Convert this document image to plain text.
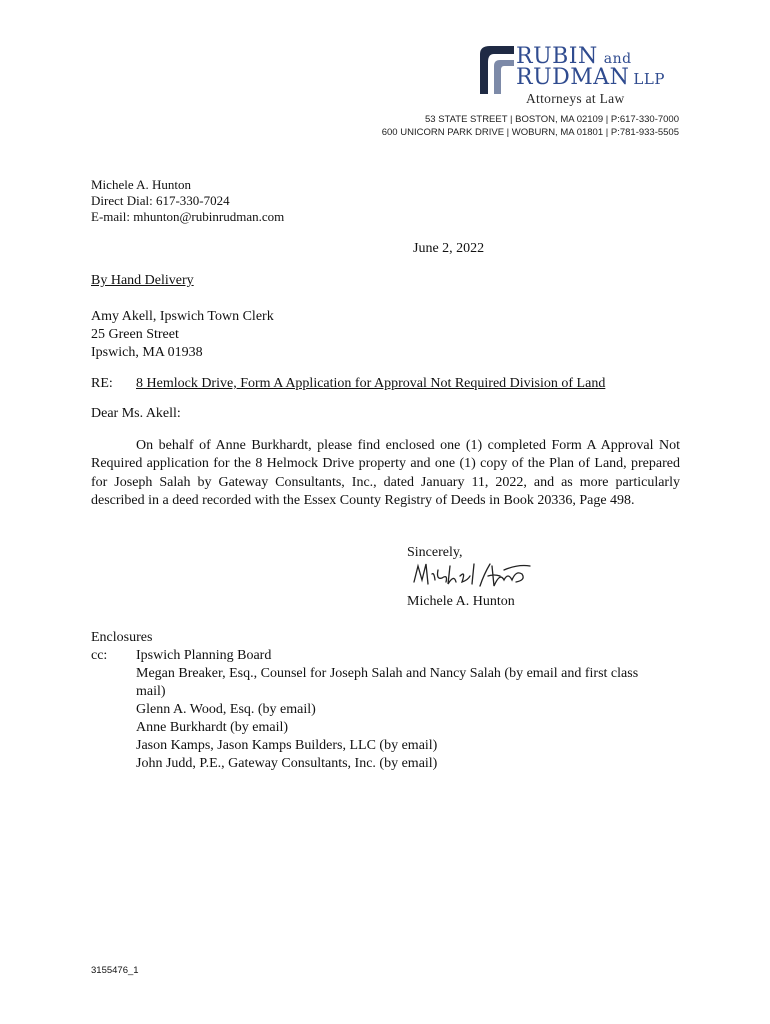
RUBIN and
RUDMAN LLP
Attorneys at Law
53 STATE STREET | BOSTON, MA 02109 | P:617-330-7000
600 UNICORN PARK DRIVE | WOBURN, MA 01801 | P:781-933-5505
Michele A. Hunton
Direct Dial: 617-330-7024
E-mail: mhunton@rubinrudman.com
June 2, 2022
By Hand Delivery
Amy Akell, Ipswich Town Clerk
25 Green Street
Ipswich, MA 01938
RE: 8 Hemlock Drive, Form A Application for Approval Not Required Division of Land
Dear Ms. Akell:
On behalf of Anne Burkhardt, please find enclosed one (1) completed Form A Approval Not Required application for the 8 Helmock Drive property and one (1) copy of the Plan of Land, prepared for Joseph Salah by Gateway Consultants, Inc., dated January 11, 2022, and as more particularly described in a deed recorded with the Essex County Registry of Deeds in Book 20336, Page 498.
Sincerely,
Michele A. Hunton
Enclosures
cc: Ipswich Planning Board
Megan Breaker, Esq., Counsel for Joseph Salah and Nancy Salah (by email and first class
mail)
Glenn A. Wood, Esq. (by email)
Anne Burkhardt (by email)
Jason Kamps, Jason Kamps Builders, LLC (by email)
John Judd, P.E., Gateway Consultants, Inc. (by email)
3155476_1
